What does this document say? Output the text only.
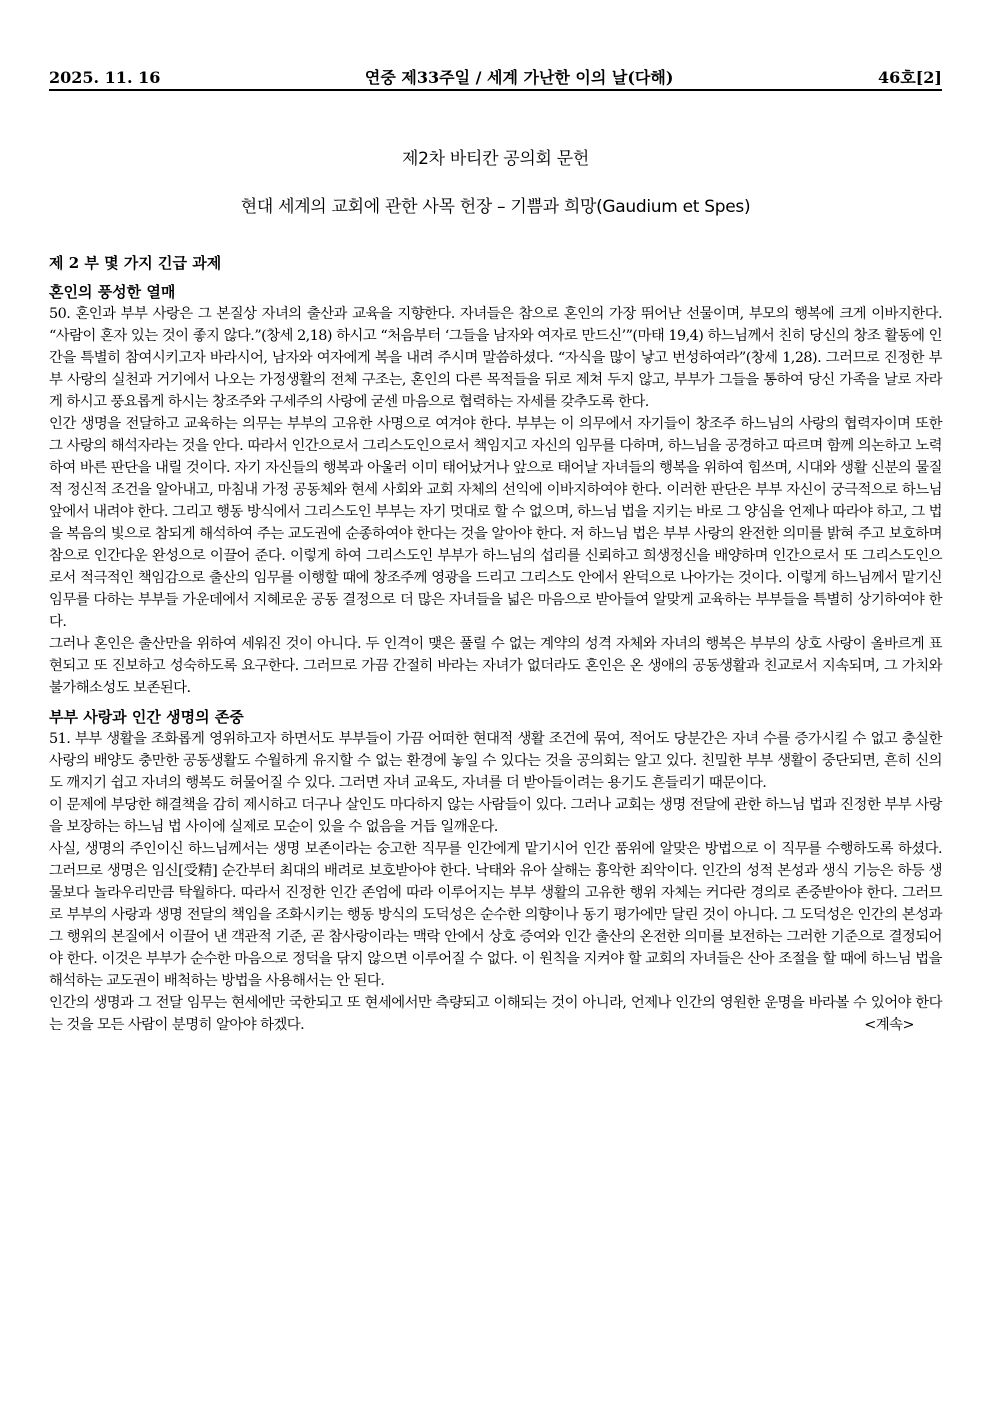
2025. 11. 16	연중 제33주일 / 세계 가난한 이의 날(다해)	46호[2]
제2차 바티칸 공의회 문헌
현대 세계의 교회에 관한 사목 헌장 – 기쁨과 희망(Gaudium et Spes)
제 2 부 몇 가지 긴급 과제
혼인의 풍성한 열매

50. 혼인과 부부 사랑은 그 본질상 자녀의 출산과 교육을 지향한다. 자녀들은 참으로 혼인의 가장 뛰어난 선물이며, 부모의 행복에 크게 이바지한다. “사람이 혼자 있는 것이 좋지 않다.”(창세 2,18) 하시고 “처음부터 ‘그들을 남자와 여자로 만드신’”(마태 19,4) 하느님께서 친히 당신의 창조 활동에 인간을 특별히 참여시키고자 바라시어, 남자와 여자에게 복을 내려 주시며 말씀하셨다. “자식을 많이 낳고 번성하여라”(창세 1,28). 그러므로 진정한 부부 사랑의 실천과 거기에서 나오는 가정생활의 전체 구조는, 혼인의 다른 목적들을 뒤로 제쳐 두지 않고, 부부가 그들을 통하여 당신 가족을 날로 자라게 하시고 풍요롭게 하시는 창조주와 구세주의 사랑에 굳센 마음으로 협력하는 자세를 갖추도록 한다.

인간 생명을 전달하고 교육하는 의무는 부부의 고유한 사명으로 여겨야 한다. 부부는 이 의무에서 자기들이 창조주 하느님의 사랑의 협력자이며 또한 그 사랑의 해석자라는 것을 안다. 따라서 인간으로서 그리스도인으로서 책임지고 자신의 임무를 다하며, 하느님을 공경하고 따르며 함께 의논하고 노력하여 바른 판단을 내릴 것이다. 자기 자신들의 행복과 아울러 이미 태어났거나 앞으로 태어날 자녀들의 행복을 위하여 힘쓰며, 시대와 생활 신분의 물질적 정신적 조건을 알아내고, 마침내 가정 공동체와 현세 사회와 교회 자체의 선익에 이바지하여야 한다. 이러한 판단은 부부 자신이 궁극적으로 하느님 앞에서 내려야 한다. 그리고 행동 방식에서 그리스도인 부부는 자기 멋대로 할 수 없으며, 하느님 법을 지키는 바로 그 양심을 언제나 따라야 하고, 그 법을 복음의 빛으로 참되게 해석하여 주는 교도권에 순종하여야 한다는 것을 알아야 한다. 저 하느님 법은 부부 사랑의 완전한 의미를 밝혀 주고 보호하며 참으로 인간다운 완성으로 이끌어 준다. 이렇게 하여 그리스도인 부부가 하느님의 섭리를 신뢰하고 희생정신을 배양하며 인간으로서 또 그리스도인으로서 적극적인 책임감으로 출산의 임무를 이행할 때에 창조주께 영광을 드리고 그리스도 안에서 완덕으로 나아가는 것이다. 이렇게 하느님께서 맡기신 임무를 다하는 부부들 가운데에서 지혜로운 공동 결정으로 더 많은 자녀들을 넓은 마음으로 받아들여 알맞게 교육하는 부부들을 특별히 상기하여야 한다.

그러나 혼인은 출산만을 위하여 세워진 것이 아니다. 두 인격이 맺은 풀릴 수 없는 계약의 성격 자체와 자녀의 행복은 부부의 상호 사랑이 올바르게 표현되고 또 진보하고 성숙하도록 요구한다. 그러므로 가끔 간절히 바라는 자녀가 없더라도 혼인은 온 생애의 공동생활과 친교로서 지속되며, 그 가치와 불가해소성도 보존된다.

부부 사랑과 인간 생명의 존중

51. 부부 생활을 조화롭게 영위하고자 하면서도 부부들이 가끔 어떠한 현대적 생활 조건에 묶여, 적어도 당분간은 자녀 수를 증가시킬 수 없고 충실한 사랑의 배양도 충만한 공동생활도 수월하게 유지할 수 없는 환경에 놓일 수 있다는 것을 공의회는 알고 있다. 친밀한 부부 생활이 중단되면, 흔히 신의도 깨지기 쉽고 자녀의 행복도 허물어질 수 있다. 그러면 자녀 교육도, 자녀를 더 받아들이려는 용기도 흔들리기 때문이다.

이 문제에 부당한 해결책을 감히 제시하고 더구나 살인도 마다하지 않는 사람들이 있다. 그러나 교회는 생명 전달에 관한 하느님 법과 진정한 부부 사랑을 보장하는 하느님 법 사이에 실제로 모순이 있을 수 없음을 거듭 일깨운다.

사실, 생명의 주인이신 하느님께서는 생명 보존이라는 숭고한 직무를 인간에게 맡기시어 인간 품위에 알맞은 방법으로 이 직무를 수행하도록 하셨다. 그러므로 생명은 임신[受精] 순간부터 최대의 배려로 보호받아야 한다. 낙태와 유아 살해는 흉악한 죄악이다. 인간의 성적 본성과 생식 기능은 하등 생물보다 놀라우리만큼 탁월하다. 따라서 진정한 인간 존엄에 따라 이루어지는 부부 생활의 고유한 행위 자체는 커다란 경의로 존중받아야 한다. 그러므로 부부의 사랑과 생명 전달의 책임을 조화시키는 행동 방식의 도덕성은 순수한 의향이나 동기 평가에만 달린 것이 아니다. 그 도덕성은 인간의 본성과 그 행위의 본질에서 이끌어 낸 객관적 기준, 곧 참사랑이라는 맥락 안에서 상호 증여와 인간 출산의 온전한 의미를 보전하는 그러한 기준으로 결정되어야 한다. 이것은 부부가 순수한 마음으로 정덕을 닦지 않으면 이루어질 수 없다. 이 원칙을 지켜야 할 교회의 자녀들은 산아 조절을 할 때에 하느님 법을 해석하는 교도권이 배척하는 방법을 사용해서는 안 된다.

인간의 생명과 그 전달 임무는 현세에만 국한되고 또 현세에서만 측량되고 이해되는 것이 아니라, 언제나 인간의 영원한 운명을 바라볼 수 있어야 한다는 것을 모든 사람이 분명히 알아야 하겠다.	<계속>
